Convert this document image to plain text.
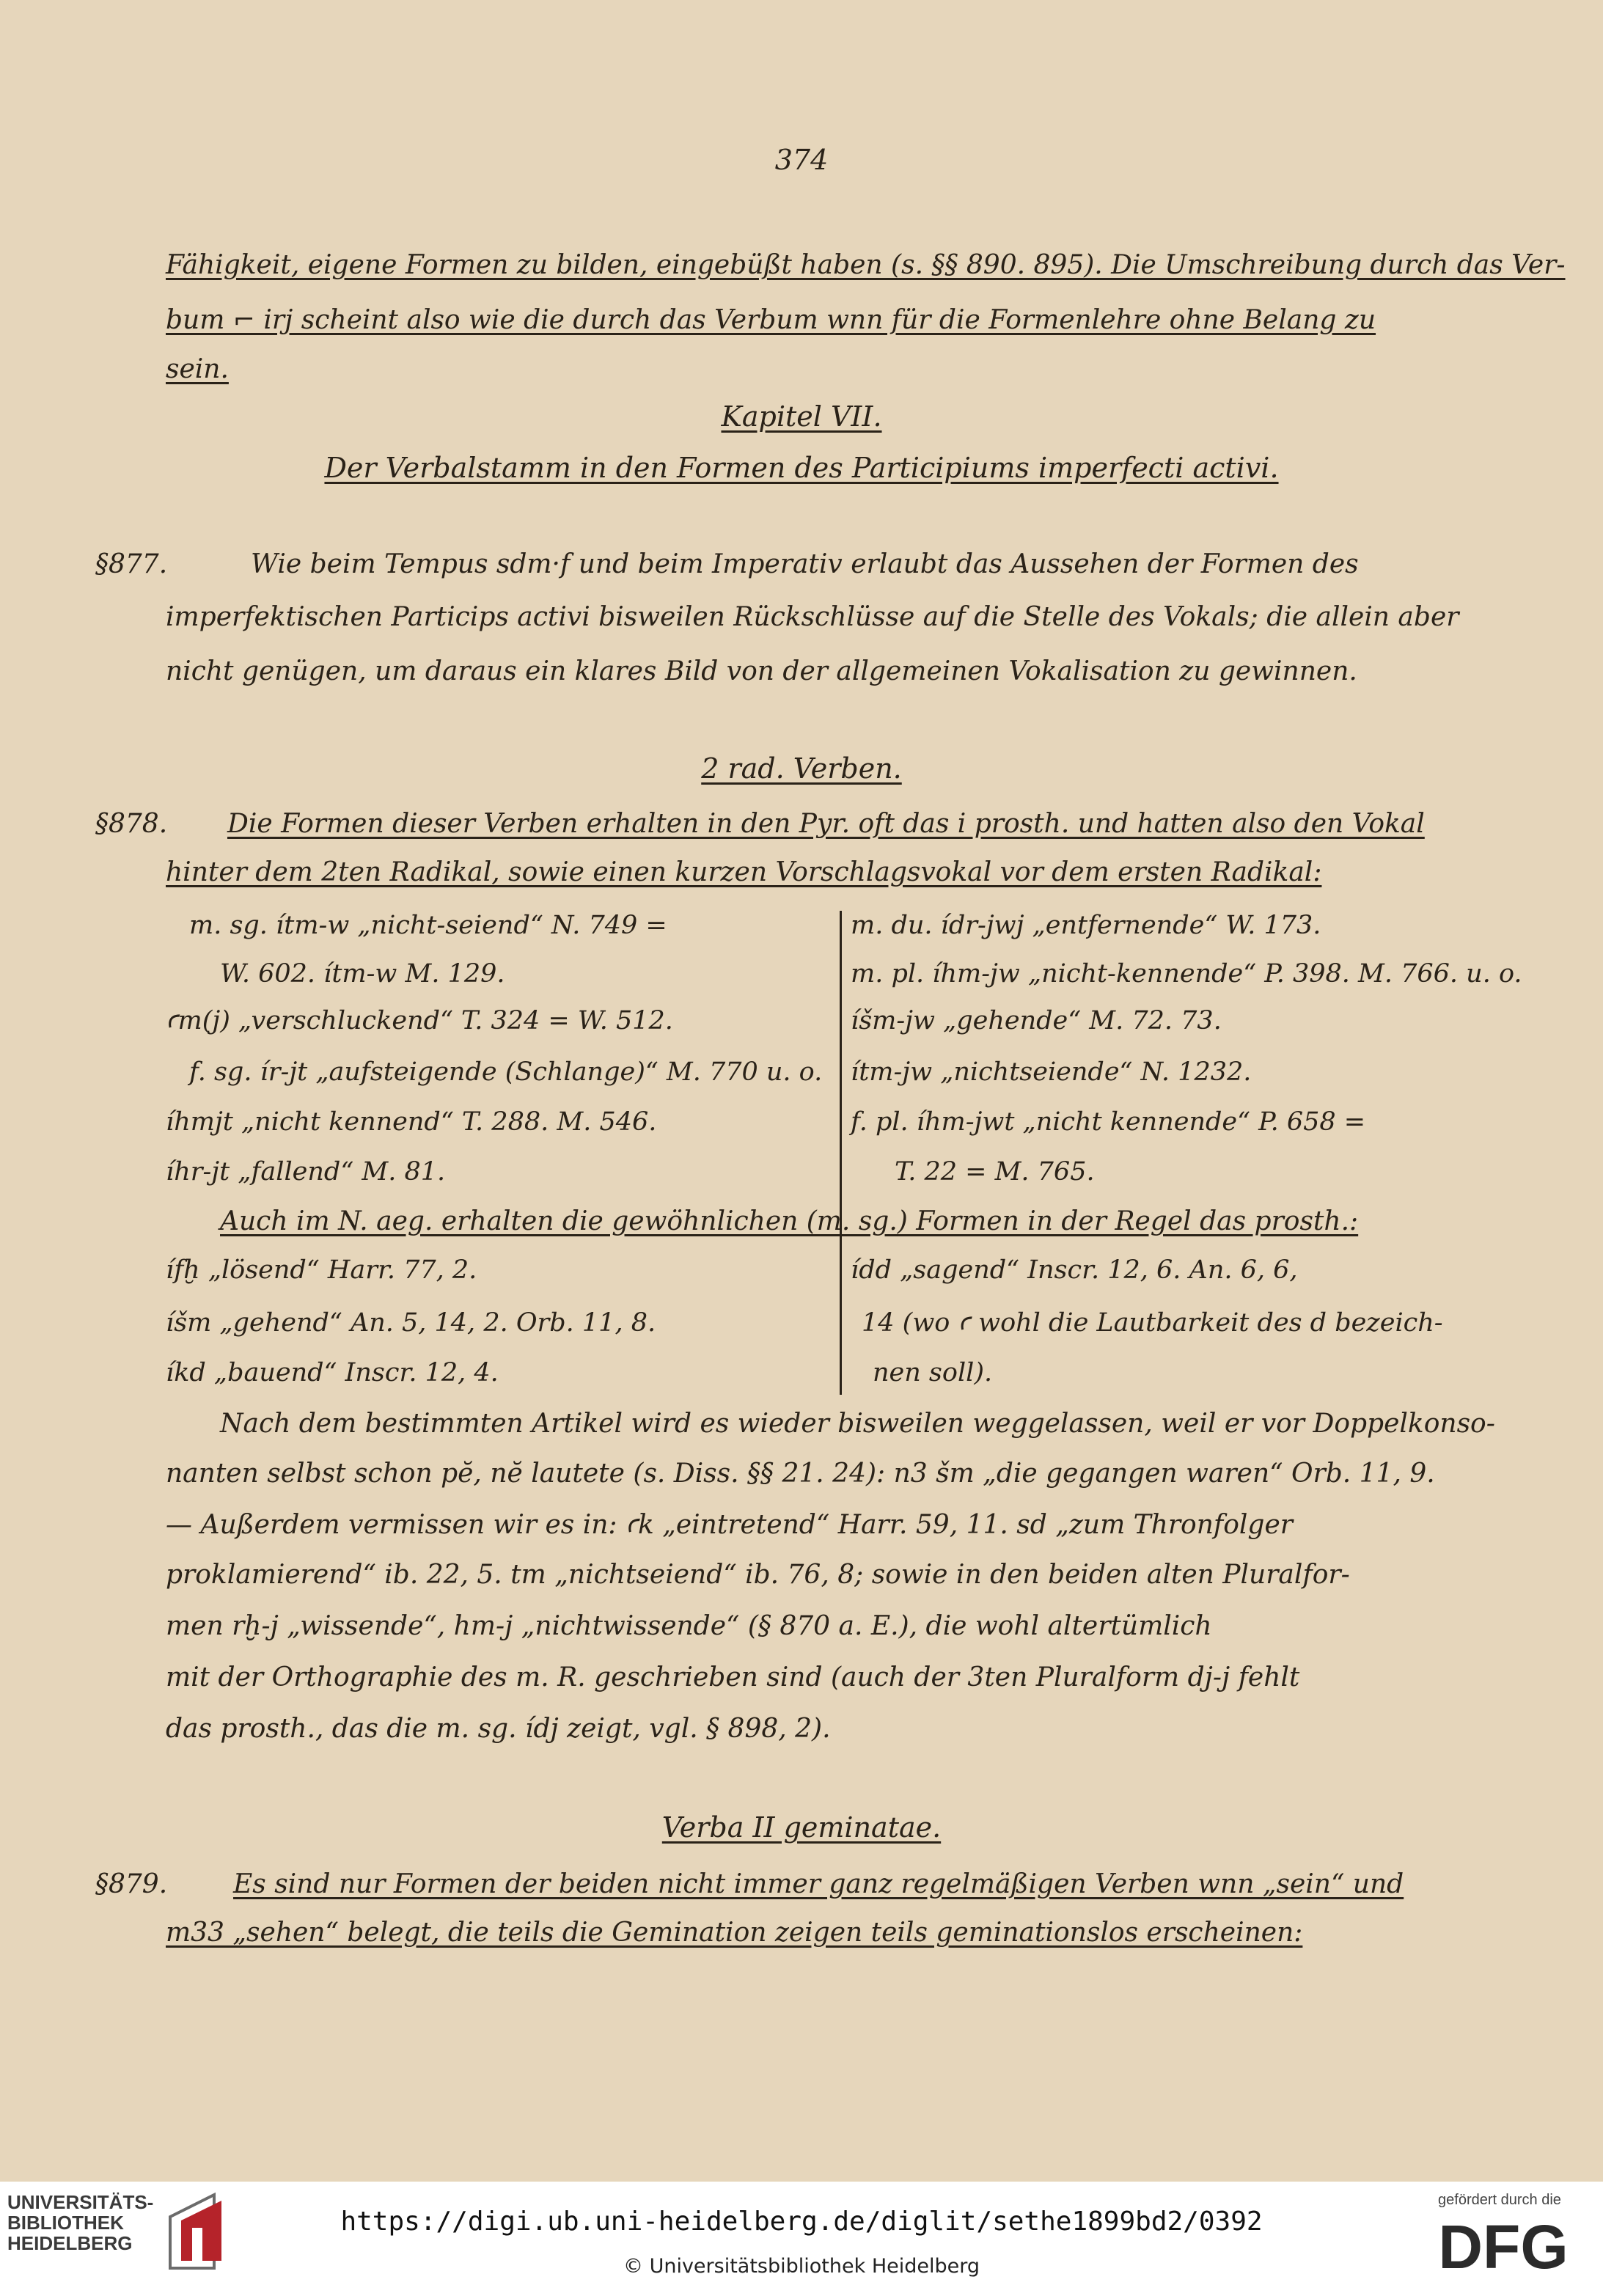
374
Fähigkeit, eigene Formen zu bilden, eingebüßt haben (s. §§ 890. 895). Die Umschreibung durch das Ver-
bum ⌐ irj scheint also wie die durch das Verbum wnn für die Formenlehre ohne Belang zu
sein.
Kapitel VII.
Der Verbalstamm in den Formen des Participiums imperfecti activi.
§877.	Wie beim Tempus sdm·f und beim Imperativ erlaubt das Aussehen der Formen des
imperfektischen Particips activi bisweilen Rückschlüsse auf die Stelle des Vokals; die allein aber
nicht genügen, um daraus ein klares Bild von der allgemeinen Vokalisation zu gewinnen.
2 rad. Verben.
§878. Die Formen dieser Verben erhalten in den Pyr. oft das i prosth. und hatten also den Vokal
hinter dem 2ten Radikal, sowie einen kurzen Vorschlagsvokal vor dem ersten Radikal:
m. sg. ítm-w „nicht-seiend“ N. 749 =
W. 602. ítm-w M. 129.
ꜥm(j) „verschluckend“ T. 324 = W. 512.
f. sg. ír-jt „aufsteigende (Schlange)“ M. 770 u. o.
íhmjt „nicht kennend“ T. 288. M. 546.
íhr-jt „fallend“ M. 81.
m. du. ídr-jwj „entfernende“ W. 173.
m. pl. íhm-jw „nicht-kennende“ P. 398. M. 766. u. o.
íšm-jw „gehende“ M. 72. 73.
ítm-jw „nichtseiende“ N. 1232.
f. pl. íhm-jwt „nicht kennende“ P. 658 =
T. 22 = M. 765.
Auch im N. aeg. erhalten die gewöhnlichen (m. sg.) Formen in der Regel das prosth.:
ífḫ „lösend“ Harr. 77, 2.
íšm „gehend“ An. 5, 14, 2. Orb. 11, 8.
íkd „bauend“ Inscr. 12, 4.
ídd „sagend“ Inscr. 12, 6. An. 6, 6,
14 (wo ꜥ wohl die Lautbarkeit des d bezeich-
nen soll).
Nach dem bestimmten Artikel wird es wieder bisweilen weggelassen, weil er vor Doppelkonso-
nanten selbst schon pĕ, nĕ lautete (s. Diss. §§ 21. 24): n3 šm „die gegangen waren“ Orb. 11, 9.
— Außerdem vermissen wir es in: ꜥk „eintretend“ Harr. 59, 11. sd „zum Thronfolger
proklamierend“ ib. 22, 5. tm „nichtseiend“ ib. 76, 8; sowie in den beiden alten Pluralfor-
men rḫ-j „wissende“, hm-j „nichtwissende“ (§ 870 a. E.), die wohl altertümlich
mit der Orthographie des m. R. geschrieben sind (auch der 3ten Pluralform dj-j fehlt
das prosth., das die m. sg. ídj zeigt, vgl. § 898, 2).
Verba II geminatae.
§879. Es sind nur Formen der beiden nicht immer ganz regelmäßigen Verben wnn „sein“ und
m33 „sehen“ belegt, die teils die Gemination zeigen teils geminationslos erscheinen:
UNIVERSITÄTS-
BIBLIOTHEK
HEIDELBERG
https://digi.ub.uni-heidelberg.de/diglit/sethe1899bd2/0392
© Universitätsbibliothek Heidelberg
gefördert durch die
DFG
